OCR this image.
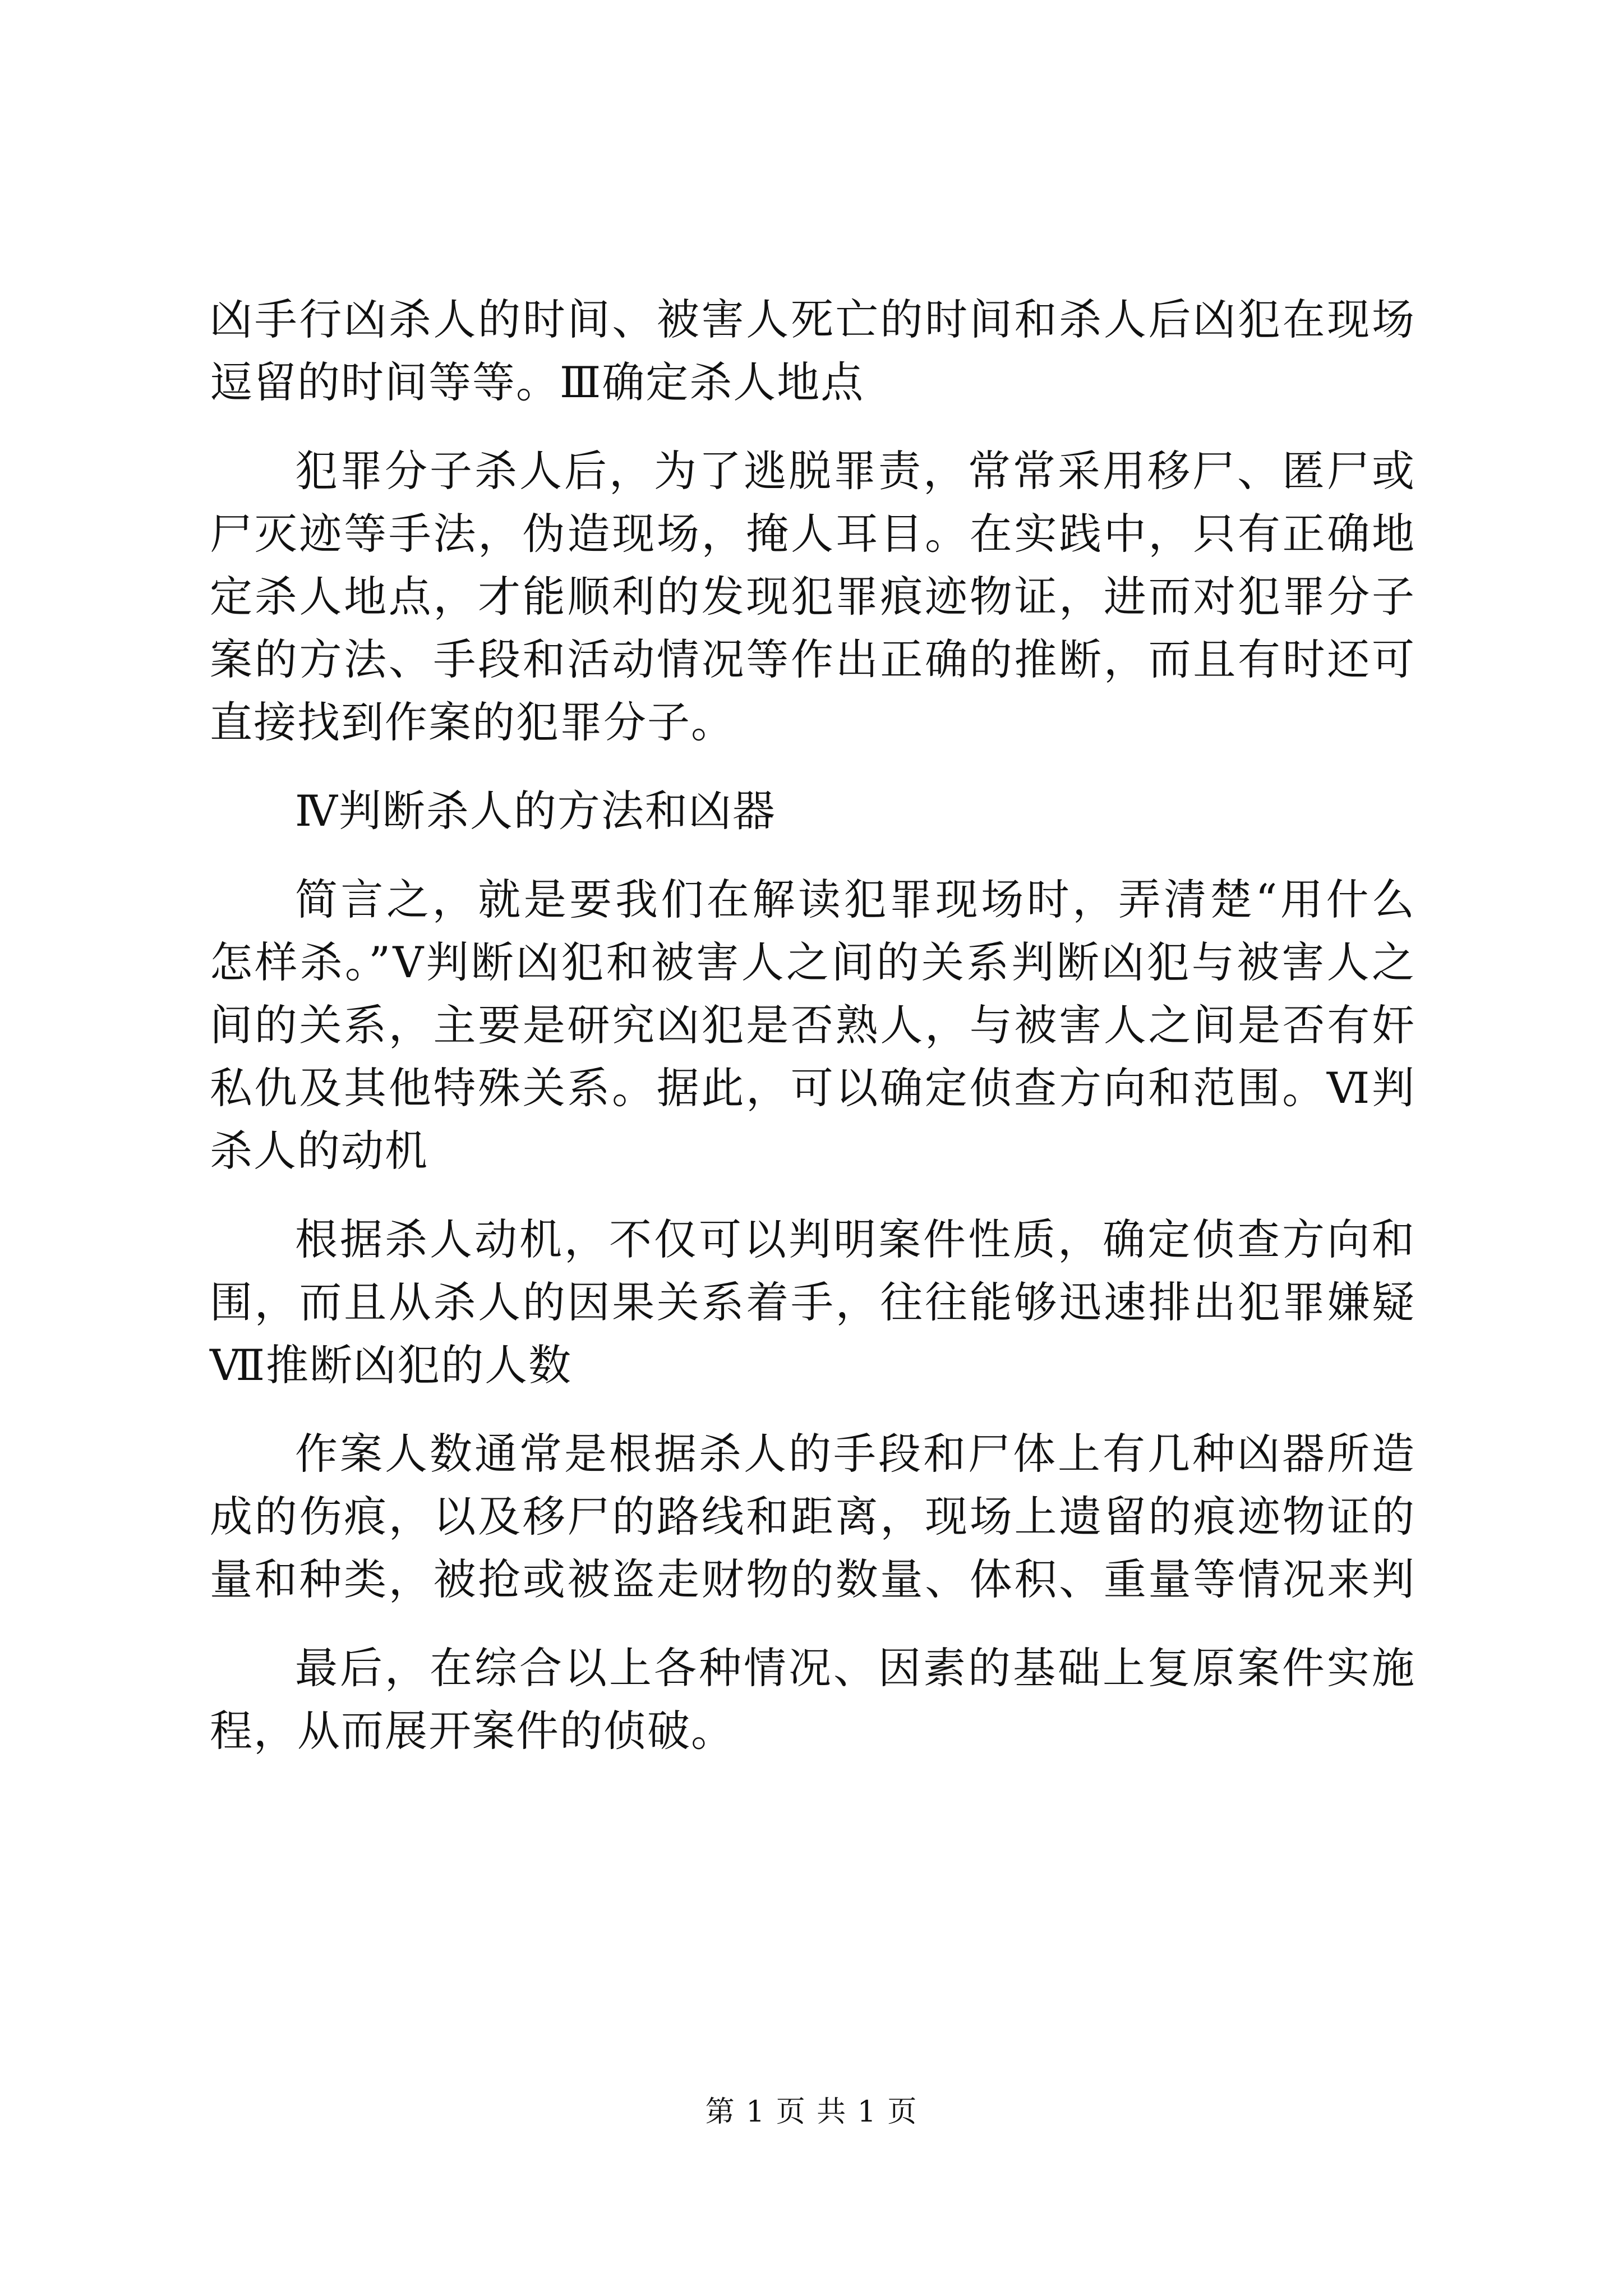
凶手行凶杀人的时间、被害人死亡的时间和杀人后凶犯在现场
逗留的时间等等。Ⅲ确定杀人地点
犯罪分子杀人后，为了逃脱罪责，常常采用移尸、匿尸或
尸灭迹等手法，伪造现场，掩人耳目。在实践中，只有正确地
定杀人地点，才能顺利的发现犯罪痕迹物证，进而对犯罪分子
案的方法、手段和活动情况等作出正确的推断，而且有时还可
直接找到作案的犯罪分子。
Ⅳ判断杀人的方法和凶器
简言之，就是要我们在解读犯罪现场时，弄清楚“用什么
怎样杀。”Ⅴ判断凶犯和被害人之间的关系判断凶犯与被害人之
间的关系，主要是研究凶犯是否熟人，与被害人之间是否有奸
私仇及其他特殊关系。据此，可以确定侦查方向和范围。Ⅵ判
杀人的动机
根据杀人动机，不仅可以判明案件性质，确定侦查方向和
围，而且从杀人的因果关系着手，往往能够迅速排出犯罪嫌疑
Ⅶ推断凶犯的人数
作案人数通常是根据杀人的手段和尸体上有几种凶器所造
成的伤痕，以及移尸的路线和距离，现场上遗留的痕迹物证的
量和种类，被抢或被盗走财物的数量、体积、重量等情况来判
最后，在综合以上各种情况、因素的基础上复原案件实施
程，从而展开案件的侦破。
第 1 页 共 1 页
